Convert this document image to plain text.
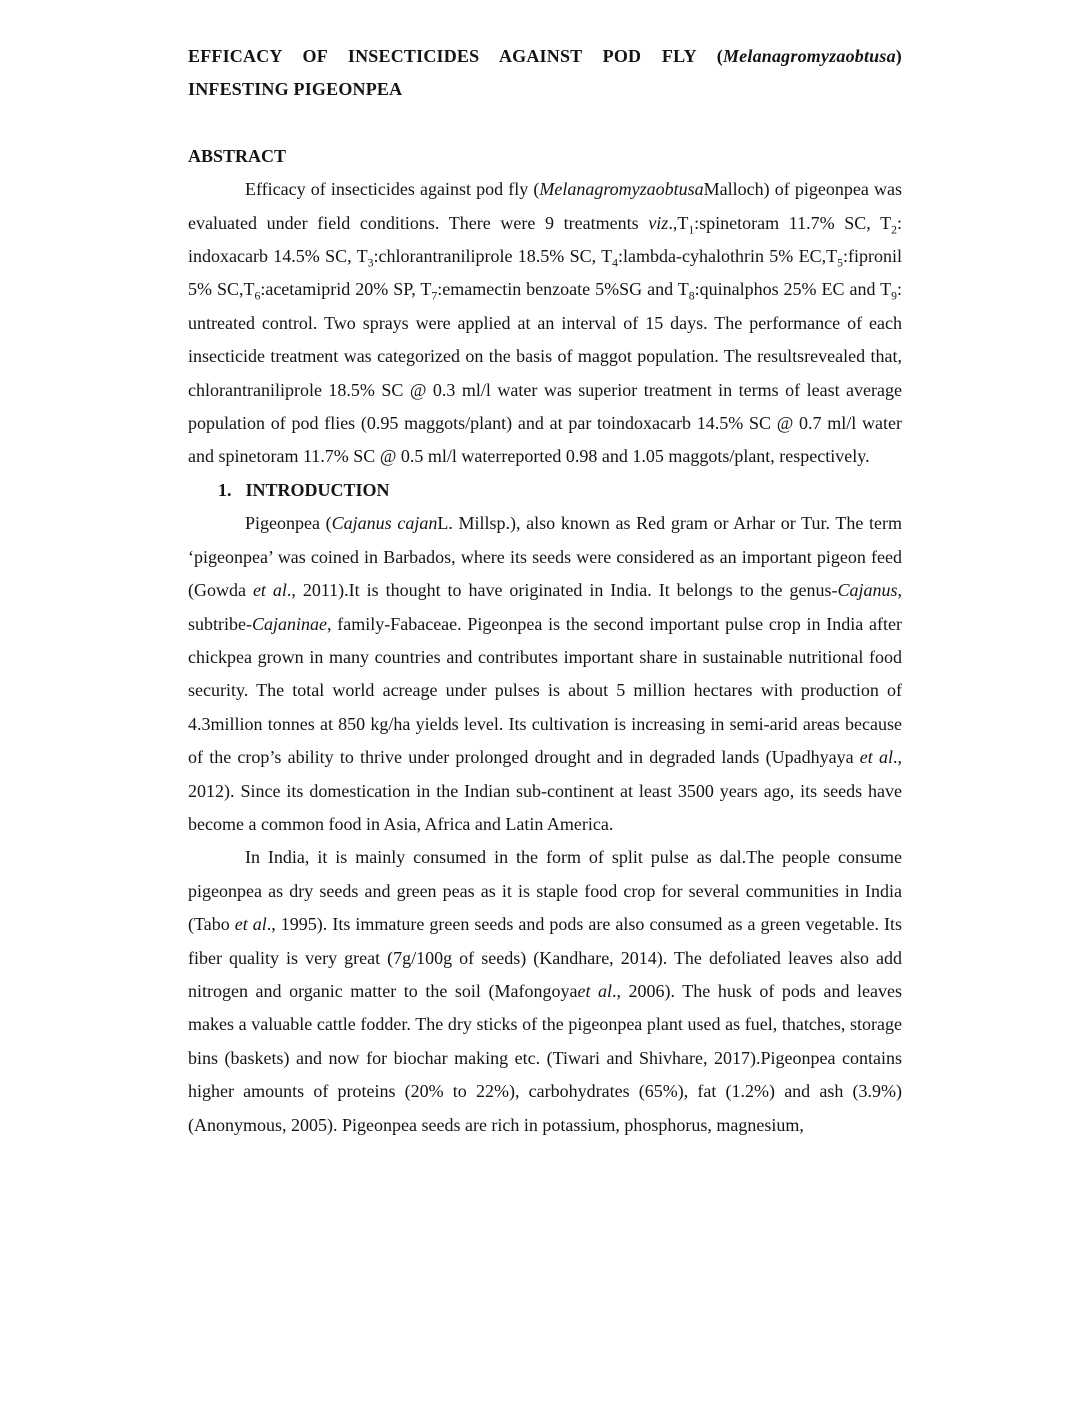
EFFICACY OF INSECTICIDES AGAINST POD FLY (Melanagromyzaobtusa) INFESTING PIGEONPEA
ABSTRACT

Efficacy of insecticides against pod fly (MelanagromyzaobtusaMalloch) of pigeonpea was evaluated under field conditions. There were 9 treatments $viz.,T_1:spinetoram$ 11.7% SC, $T_2$: indoxacarb 14.5% SC, $T_3:chlorantraniliprole$ 18.5% SC, $T_4:lambda$-cyhalothrin 5% $EC,T_5:fipronil$ 5% $SC,T_6:acetamiprid$ 20% SP, $T_7:emamectin$ benzoate 5%SG and $T_8:quinalphos$ 25% EC and $T_9$: untreated control. Two sprays were applied at an interval of 15 days. The performance of each insecticide treatment was categorized on the basis of maggot population. The resultsrevealed that, chlorantraniliprole 18.5% SC @ 0.3 ml/l water was superior treatment in terms of least average population of pod flies (0.95 maggots/plant) and at par toindoxacarb 14.5% SC @ 0.7 ml/l water and spinetoram 11.7% SC @ 0.5 ml/l waterreported 0.98 and 1.05 maggots/plant, respectively.

1. INTRODUCTION

Pigeonpea (Cajanus cajanL. Millsp.), also known as Red gram or Arhar or Tur. The term ‘pigeonpea’ was coined in Barbados, where its seeds were considered as an important pigeon feed (Gowda et al., 2011).It is thought to have originated in India. It belongs to the genus-Cajanus, subtribe-Cajaninae, family-Fabaceae. Pigeonpea is the second important pulse crop in India after chickpea grown in many countries and contributes important share in sustainable nutritional food security. The total world acreage under pulses is about 5 million hectares with production of 4.3million tonnes at 850 kg/ha yields level. Its cultivation is increasing in semi-arid areas because of the crop’s ability to thrive under prolonged drought and in degraded lands (Upadhyaya et al., 2012). Since its domestication in the Indian sub-continent at least 3500 years ago, its seeds have become a common food in Asia, Africa and Latin America.

In India, it is mainly consumed in the form of split pulse as dal.The people consume pigeonpea as dry seeds and green peas as it is staple food crop for several communities in India (Tabo et al., 1995). Its immature green seeds and pods are also consumed as a green vegetable. Its fiber quality is very great (7g/100g of seeds) (Kandhare, 2014). The defoliated leaves also add nitrogen and organic matter to the soil (Mafongoyaet al., 2006). The husk of pods and leaves makes a valuable cattle fodder. The dry sticks of the pigeonpea plant used as fuel, thatches, storage bins (baskets) and now for biochar making etc. (Tiwari and Shivhare, 2017).Pigeonpea contains higher amounts of proteins (20% to 22%), carbohydrates (65%), fat (1.2%) and ash (3.9%) (Anonymous, 2005). Pigeonpea seeds are rich in potassium, phosphorus, magnesium,
